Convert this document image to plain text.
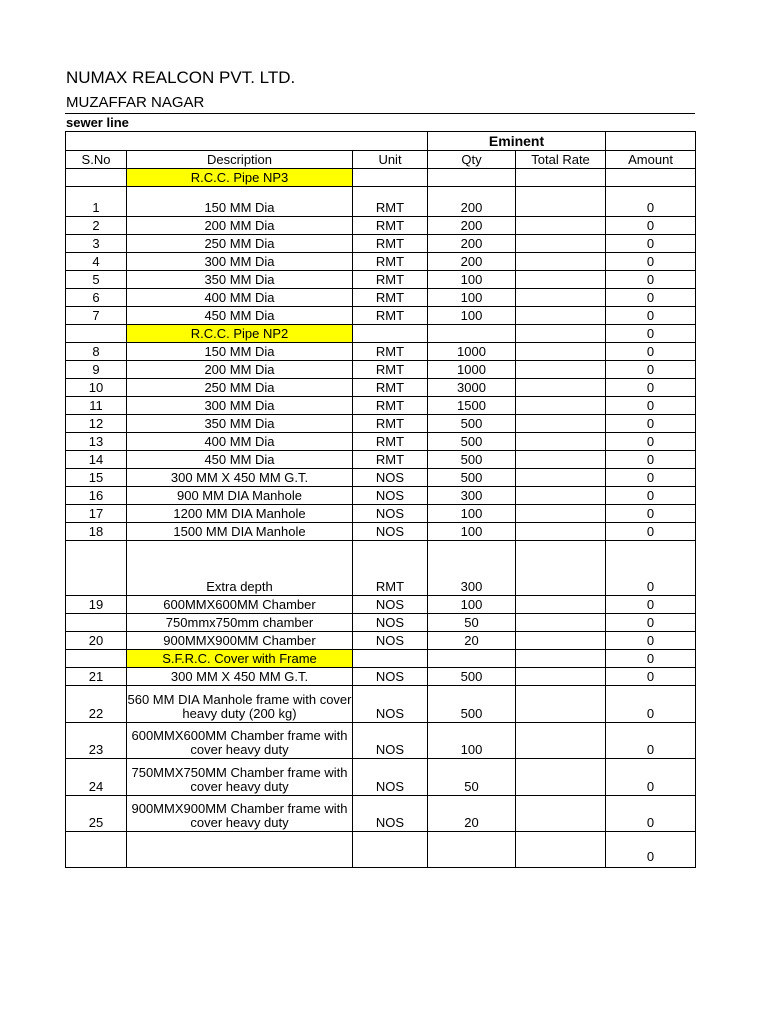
NUMAX REALCON PVT. LTD.
MUZAFFAR NAGAR
sewer line
			Eminent		
S.No	Description	Unit	Qty	Total Rate	Amount
	R.C.C. Pipe NP3				
1	150 MM Dia	RMT	200		0
2	200 MM Dia	RMT	200		0
3	250 MM Dia	RMT	200		0
4	300 MM Dia	RMT	200		0
5	350 MM Dia	RMT	100		0
6	400 MM Dia	RMT	100		0
7	450 MM Dia	RMT	100		0
	R.C.C. Pipe NP2				0
8	150 MM Dia	RMT	1000		0
9	200 MM Dia	RMT	1000		0
10	250 MM Dia	RMT	3000		0
11	300 MM Dia	RMT	1500		0
12	350 MM Dia	RMT	500		0
13	400 MM Dia	RMT	500		0
14	450 MM Dia	RMT	500		0
15	300 MM X 450 MM G.T.	NOS	500		0
16	900 MM DIA Manhole	NOS	300		0
17	1200 MM DIA Manhole	NOS	100		0
18	1500 MM DIA Manhole	NOS	100		0
	Extra depth	RMT	300		0
19	600MMX600MM Chamber	NOS	100		0
	750mmx750mm chamber	NOS	50		0
20	900MMX900MM Chamber	NOS	20		0
	S.F.R.C. Cover with Frame				0
21	300 MM X 450 MM G.T.	NOS	500		0
22	560 MM DIA Manhole frame with cover heavy duty (200 kg)	NOS	500		0
23	600MMX600MM Chamber frame with cover heavy duty	NOS	100		0
24	750MMX750MM Chamber frame with cover heavy duty	NOS	50		0
25	900MMX900MM Chamber frame with cover heavy duty	NOS	20		0
					0
